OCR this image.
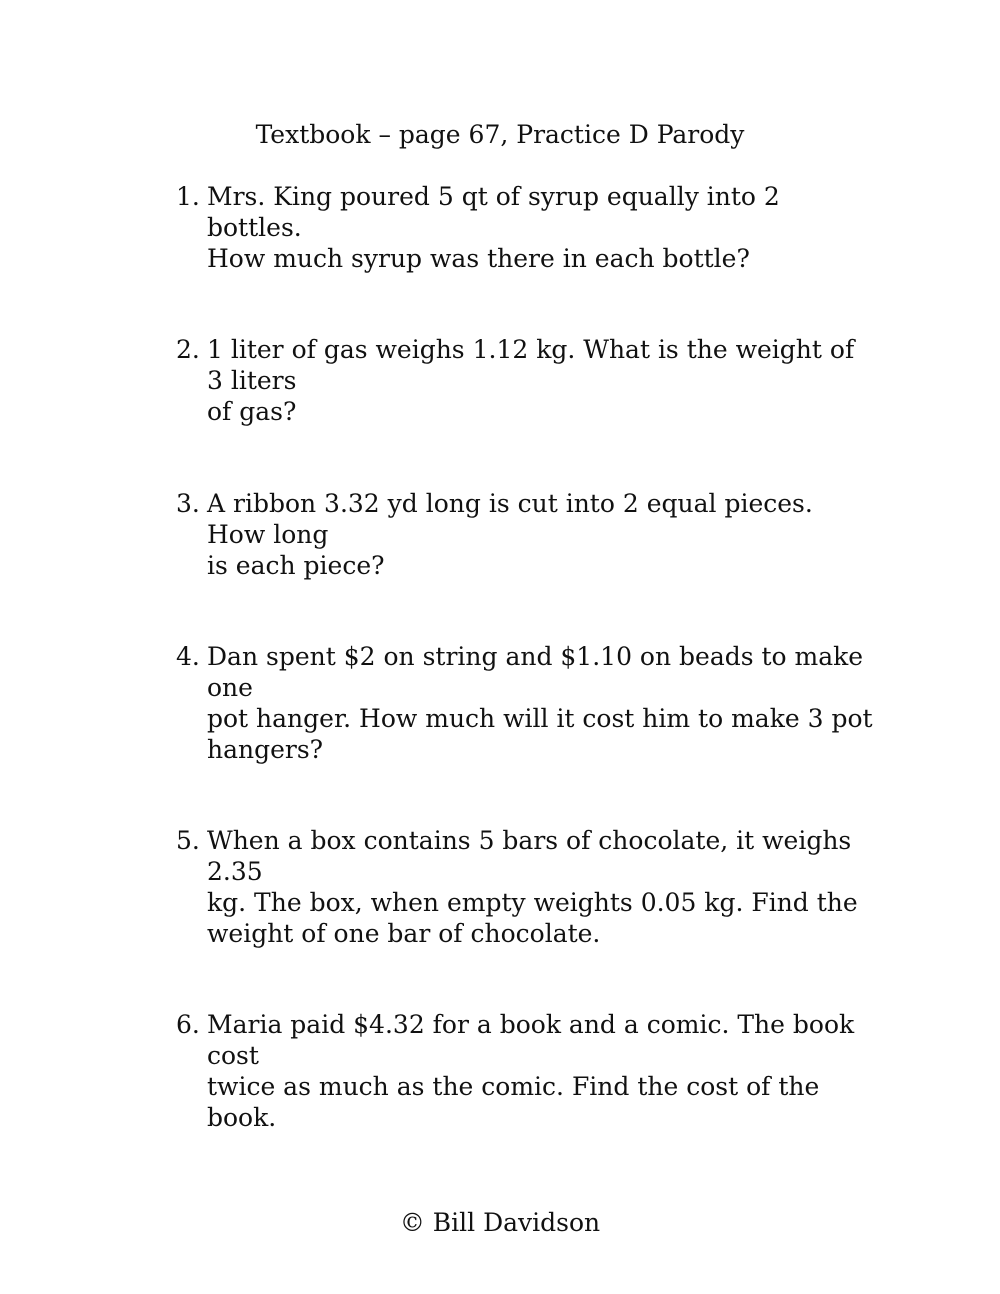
Textbook – page 67, Practice D Parody
1. Mrs. King poured 5 qt of syrup equally into 2 bottles.
How much syrup was there in each bottle?
2. 1 liter of gas weighs 1.12 kg. What is the weight of 3 liters
of gas?
3. A ribbon 3.32 yd long is cut into 2 equal pieces. How long
is each piece?
4. Dan spent $2 on string and $1.10 on beads to make one
pot hanger. How much will it cost him to make 3 pot
hangers?
5. When a box contains 5 bars of chocolate, it weighs 2.35
kg. The box, when empty weights 0.05 kg. Find the
weight of one bar of chocolate.
6. Maria paid $4.32 for a book and a comic. The book cost
twice as much as the comic. Find the cost of the book.
© Bill Davidson
